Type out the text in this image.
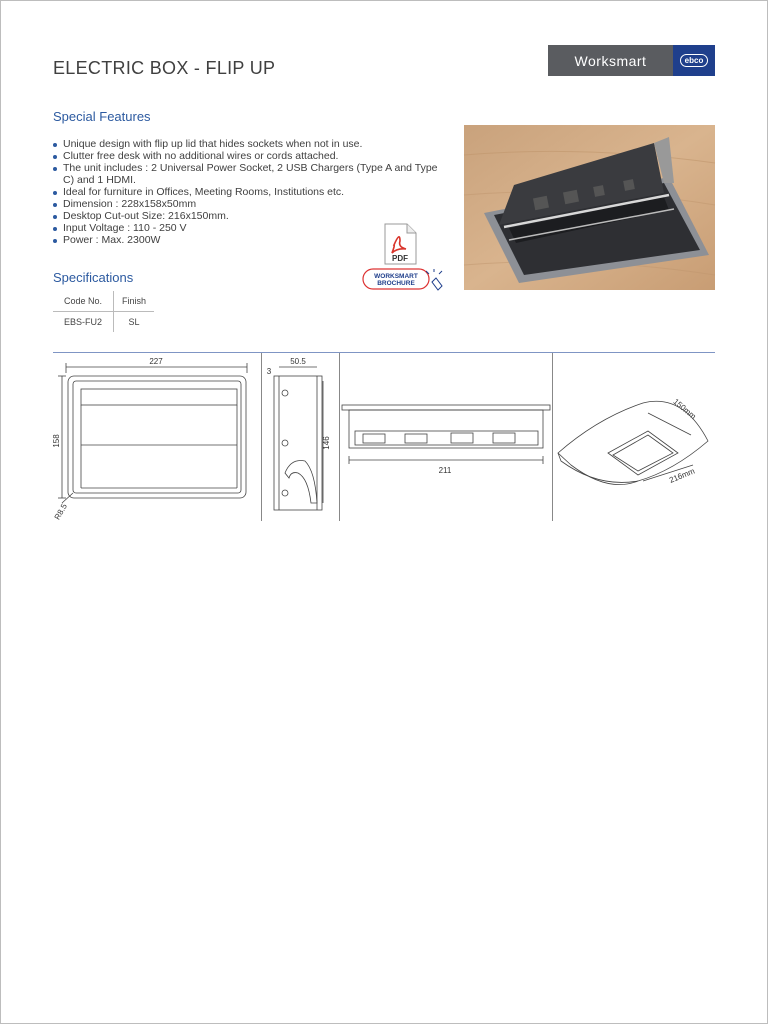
ELECTRIC BOX - FLIP UP	Worksmart	ebco
Special Features
Unique design with flip up lid that hides sockets when not in use.
Clutter free desk with no additional wires or cords attached.
The unit includes : 2 Universal Power Socket, 2 USB Chargers (Type A and Type C) and 1 HDMI.
Ideal for furniture in Offices, Meeting Rooms, Institutions etc.
Dimension : 228x158x50mm
Desktop Cut-out Size: 216x150mm.
Input Voltage : 110 - 250 V
Power : Max. 2300W
PDF
WORKSMART
BROCHURE
Specifications
Code No.	Finish
EBS-FU2	SL
227
158
R8.5
50.5
3
146
211
150mm
216mm
